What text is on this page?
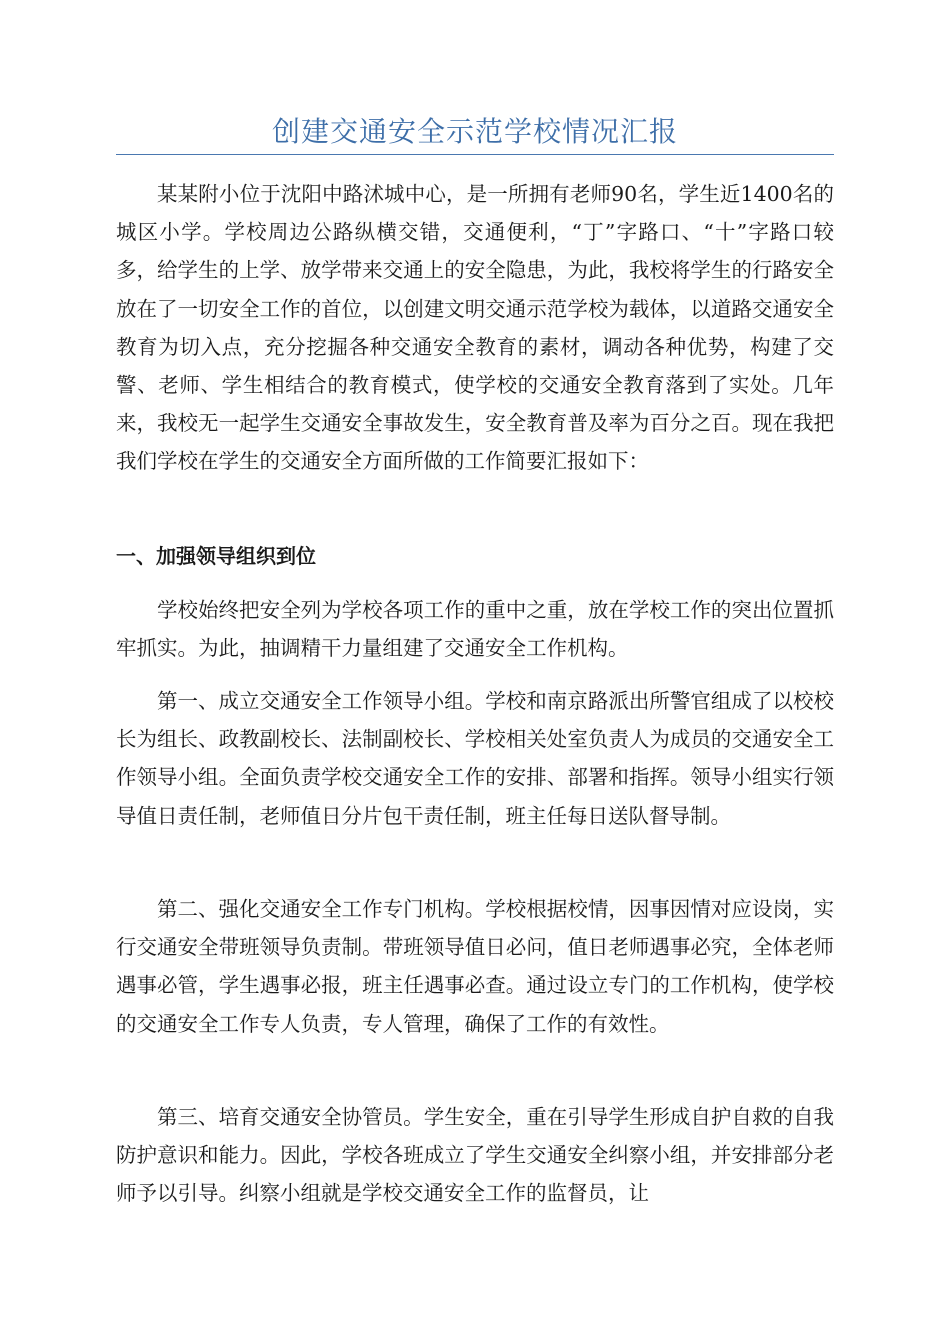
创建交通安全示范学校情况汇报

某某附小位于沈阳中路沭城中心，是一所拥有老师90名，学生近1400名的城区小学。学校周边公路纵横交错，交通便利，“丁”字路口、“十”字路口较多，给学生的上学、放学带来交通上的安全隐患，为此，我校将学生的行路安全放在了一切安全工作的首位，以创建文明交通示范学校为载体，以道路交通安全教育为切入点，充分挖掘各种交通安全教育的素材，调动各种优势，构建了交警、老师、学生相结合的教育模式，使学校的交通安全教育落到了实处。几年来，我校无一起学生交通安全事故发生，安全教育普及率为百分之百。现在我把我们学校在学生的交通安全方面所做的工作简要汇报如下：

一、加强领导组织到位

学校始终把安全列为学校各项工作的重中之重，放在学校工作的突出位置抓牢抓实。为此，抽调精干力量组建了交通安全工作机构。

第一、成立交通安全工作领导小组。学校和南京路派出所警官组成了以校校长为组长、政教副校长、法制副校长、学校相关处室负责人为成员的交通安全工作领导小组。全面负责学校交通安全工作的安排、部署和指挥。领导小组实行领导值日责任制，老师值日分片包干责任制，班主任每日送队督导制。

第二、强化交通安全工作专门机构。学校根据校情，因事因情对应设岗，实行交通安全带班领导负责制。带班领导值日必问，值日老师遇事必究，全体老师遇事必管，学生遇事必报，班主任遇事必查。通过设立专门的工作机构，使学校的交通安全工作专人负责，专人管理，确保了工作的有效性。

第三、培育交通安全协管员。学生安全，重在引导学生形成自护自救的自我防护意识和能力。因此，学校各班成立了学生交通安全纠察小组，并安排部分老师予以引导。纠察小组就是学校交通安全工作的监督员，让
